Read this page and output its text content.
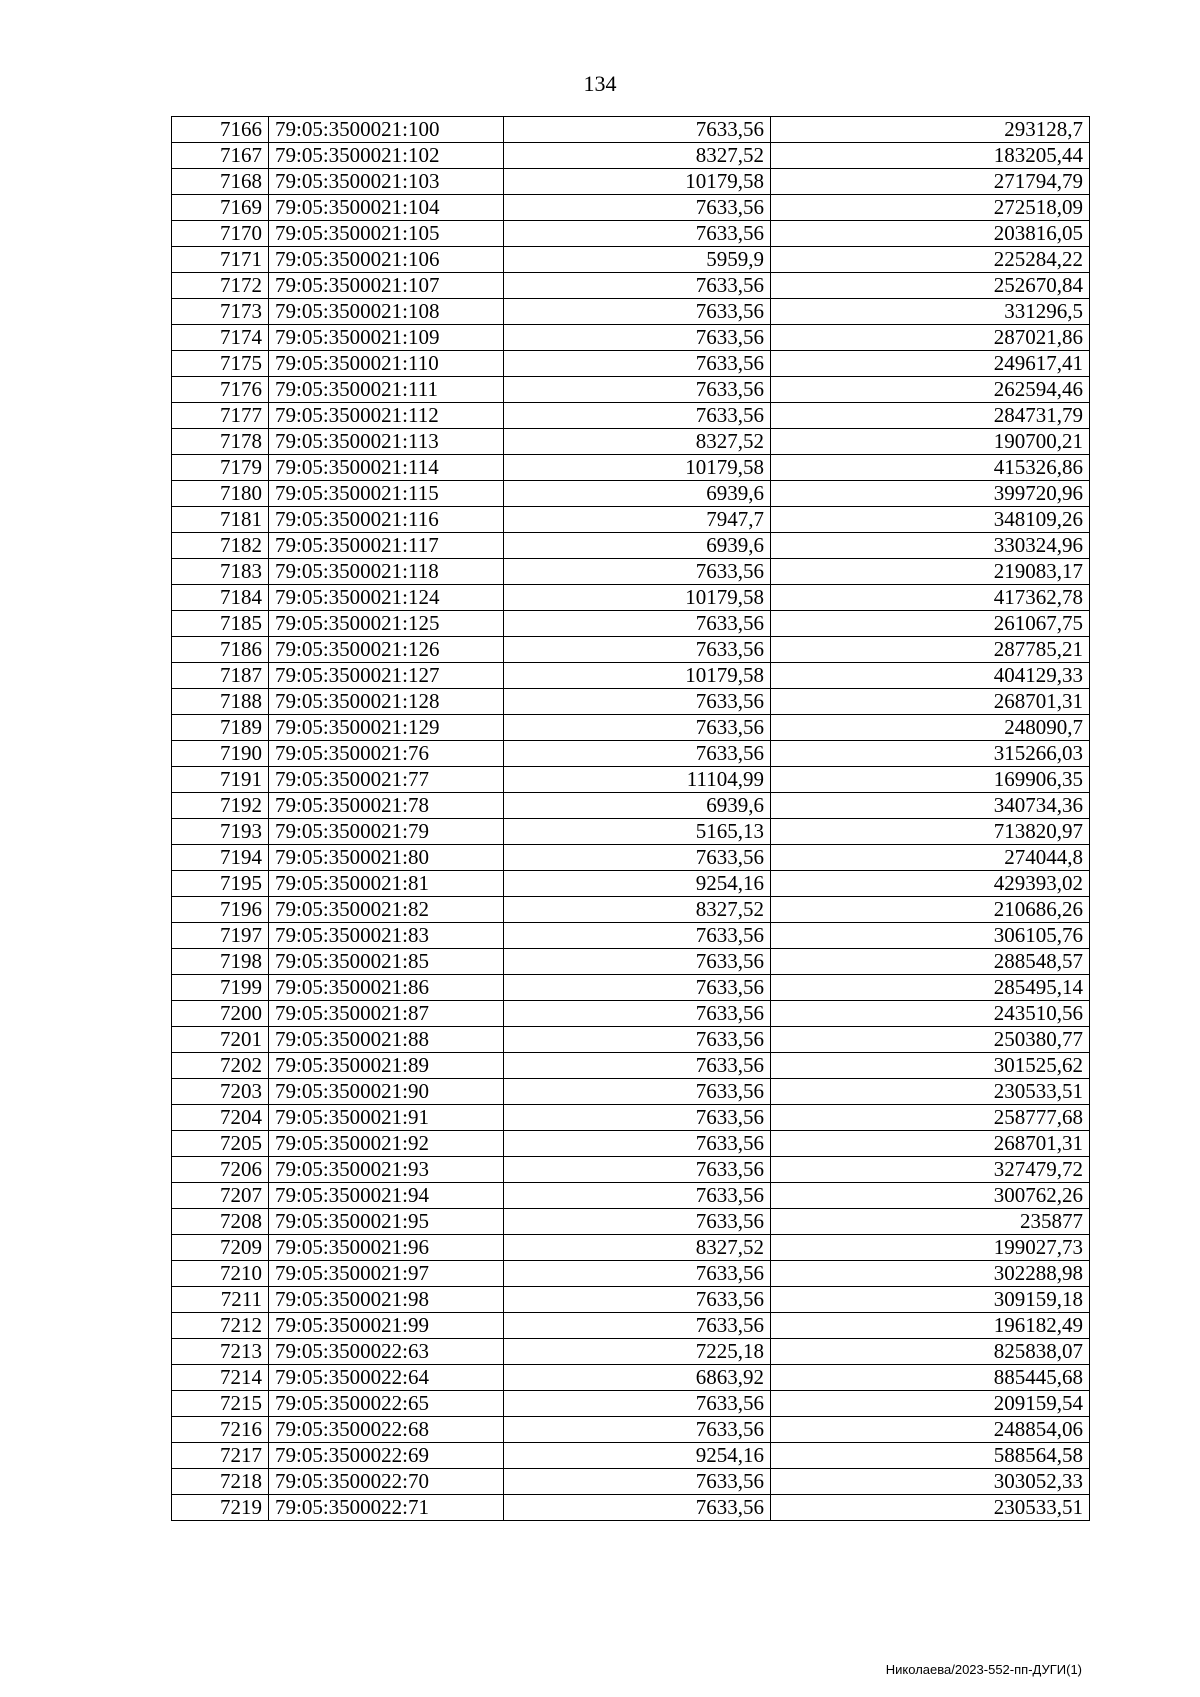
134
7166	79:05:3500021:100	7633,56	293128,7
7167	79:05:3500021:102	8327,52	183205,44
7168	79:05:3500021:103	10179,58	271794,79
7169	79:05:3500021:104	7633,56	272518,09
7170	79:05:3500021:105	7633,56	203816,05
7171	79:05:3500021:106	5959,9	225284,22
7172	79:05:3500021:107	7633,56	252670,84
7173	79:05:3500021:108	7633,56	331296,5
7174	79:05:3500021:109	7633,56	287021,86
7175	79:05:3500021:110	7633,56	249617,41
7176	79:05:3500021:111	7633,56	262594,46
7177	79:05:3500021:112	7633,56	284731,79
7178	79:05:3500021:113	8327,52	190700,21
7179	79:05:3500021:114	10179,58	415326,86
7180	79:05:3500021:115	6939,6	399720,96
7181	79:05:3500021:116	7947,7	348109,26
7182	79:05:3500021:117	6939,6	330324,96
7183	79:05:3500021:118	7633,56	219083,17
7184	79:05:3500021:124	10179,58	417362,78
7185	79:05:3500021:125	7633,56	261067,75
7186	79:05:3500021:126	7633,56	287785,21
7187	79:05:3500021:127	10179,58	404129,33
7188	79:05:3500021:128	7633,56	268701,31
7189	79:05:3500021:129	7633,56	248090,7
7190	79:05:3500021:76	7633,56	315266,03
7191	79:05:3500021:77	11104,99	169906,35
7192	79:05:3500021:78	6939,6	340734,36
7193	79:05:3500021:79	5165,13	713820,97
7194	79:05:3500021:80	7633,56	274044,8
7195	79:05:3500021:81	9254,16	429393,02
7196	79:05:3500021:82	8327,52	210686,26
7197	79:05:3500021:83	7633,56	306105,76
7198	79:05:3500021:85	7633,56	288548,57
7199	79:05:3500021:86	7633,56	285495,14
7200	79:05:3500021:87	7633,56	243510,56
7201	79:05:3500021:88	7633,56	250380,77
7202	79:05:3500021:89	7633,56	301525,62
7203	79:05:3500021:90	7633,56	230533,51
7204	79:05:3500021:91	7633,56	258777,68
7205	79:05:3500021:92	7633,56	268701,31
7206	79:05:3500021:93	7633,56	327479,72
7207	79:05:3500021:94	7633,56	300762,26
7208	79:05:3500021:95	7633,56	235877
7209	79:05:3500021:96	8327,52	199027,73
7210	79:05:3500021:97	7633,56	302288,98
7211	79:05:3500021:98	7633,56	309159,18
7212	79:05:3500021:99	7633,56	196182,49
7213	79:05:3500022:63	7225,18	825838,07
7214	79:05:3500022:64	6863,92	885445,68
7215	79:05:3500022:65	7633,56	209159,54
7216	79:05:3500022:68	7633,56	248854,06
7217	79:05:3500022:69	9254,16	588564,58
7218	79:05:3500022:70	7633,56	303052,33
7219	79:05:3500022:71	7633,56	230533,51
Николаева/2023-552-пп-ДУГИ(1)
